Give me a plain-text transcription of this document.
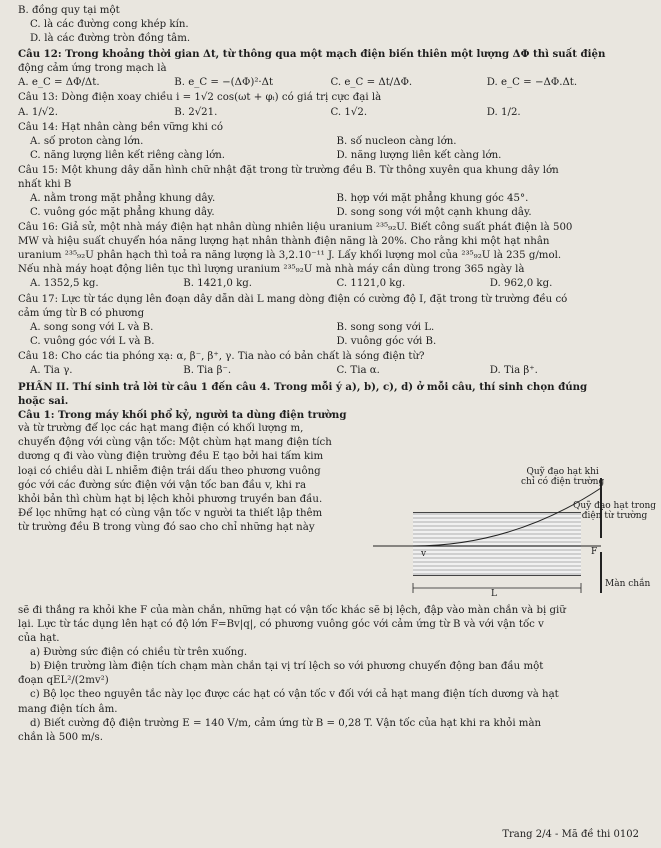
B. đồng quy tại một
C. là các đường cong khép kín.
D. là các đường tròn đồng tâm.
Câu 12: Trong khoảng thời gian Δt, từ thông qua một mạch điện biến thiên một lượng ΔΦ thì suất điện
động cảm ứng trong mạch là
A. e_C = ΔΦ/Δt.	B. e_C = −(ΔΦ)²·Δt	C. e_C = Δt/ΔΦ.	D. e_C = −ΔΦ.Δt.
Câu 13: Dòng điện xoay chiều i = 1√2 cos(ωt + φᵢ) có giá trị cực đại là
A. 1/√2.	B. 2√21.	C. 1√2.	D. 1/2.
Câu 14: Hạt nhân càng bền vững khi có
A. số proton càng lớn.	B. số nucleon càng lớn.
C. năng lượng liên kết riêng càng lớn.	D. năng lượng liên kết càng lớn.
Câu 15: Một khung dây dẫn hình chữ nhật đặt trong từ trường đều B. Từ thông xuyên qua khung dây lớn
nhất khi B
A. nằm trong mặt phẳng khung dây.	B. hợp với mặt phẳng khung góc 45°.
C. vuông góc mặt phẳng khung dây.	D. song song với một cạnh khung dây.
Câu 16: Giả sử, một nhà máy điện hạt nhân dùng nhiên liệu uranium ²³⁵₉₂U. Biết công suất phát điện là 500
MW và hiệu suất chuyển hóa năng lượng hạt nhân thành điện năng là 20%. Cho rằng khi một hạt nhân
uranium ²³⁵₉₂U phân hạch thì toả ra năng lượng là 3,2.10⁻¹¹ J. Lấy khối lượng mol của ²³⁵₉₂U là 235 g/mol.
Nếu nhà máy hoạt động liên tục thì lượng uranium ²³⁵₉₂U mà nhà máy cần dùng trong 365 ngày là
A. 1352,5 kg.	B. 1421,0 kg.	C. 1121,0 kg.	D. 962,0 kg.
Câu 17: Lực từ tác dụng lên đoạn dây dẫn dài L mang dòng điện có cường độ I, đặt trong từ trường đều có
cảm ứng từ B có phương
A. song song với L và B.	B. song song với L.
C. vuông góc với L và B.	D. vuông góc với B.
Câu 18: Cho các tia phóng xạ: α, β⁻, β⁺, γ. Tia nào có bản chất là sóng điện từ?
A. Tia γ.	B. Tia β⁻.	C. Tia α.	D. Tia β⁺.
PHẦN II. Thí sinh trả lời từ câu 1 đến câu 4. Trong mỗi ý a), b), c), d) ở mỗi câu, thí sinh chọn đúng
hoặc sai.
Câu 1: Trong máy khối phổ kỷ, người ta dùng điện trường
và từ trường để lọc các hạt mang điện có khối lượng m,
chuyển động với cùng vận tốc: Một chùm hạt mang điện tích
dương q đi vào vùng điện trường đều E tạo bởi hai tấm kim
loại có chiều dài L nhiễm điện trái dấu theo phương vuông
góc với các đường sức điện với vận tốc ban đầu v, khi ra
khỏi bản thì chùm hạt bị lệch khỏi phương truyền ban đầu.
Để lọc những hạt có cùng vận tốc v người ta thiết lập thêm
từ trường đều B trong vùng đó sao cho chỉ những hạt này
Quỹ đạo hạt khi
chỉ có điện trường
Quỹ đạo hạt trong
điện từ trường
v	F
L
Màn chắn
sẽ đi thẳng ra khỏi khe F của màn chắn, những hạt có vận tốc khác sẽ bị lệch, đập vào màn chắn và bị giữ
lại. Lực từ tác dụng lên hạt có độ lớn F=Bv|q|, có phương vuông góc với cảm ứng từ B và với vận tốc v
của hạt.
a) Đường sức điện có chiều từ trên xuống.
b) Điện trường làm điện tích chạm màn chắn tại vị trí lệch so với phương chuyển động ban đầu một
đoạn qEL²/(2mv²)
c) Bộ lọc theo nguyên tắc này lọc được các hạt có vận tốc v đối với cả hạt mang điện tích dương và hạt
mang điện tích âm.
d) Biết cường độ điện trường E = 140 V/m, cảm ứng từ B = 0,28 T. Vận tốc của hạt khi ra khỏi màn
chắn là 500 m/s.
Trang 2/4 - Mã đề thi 0102
